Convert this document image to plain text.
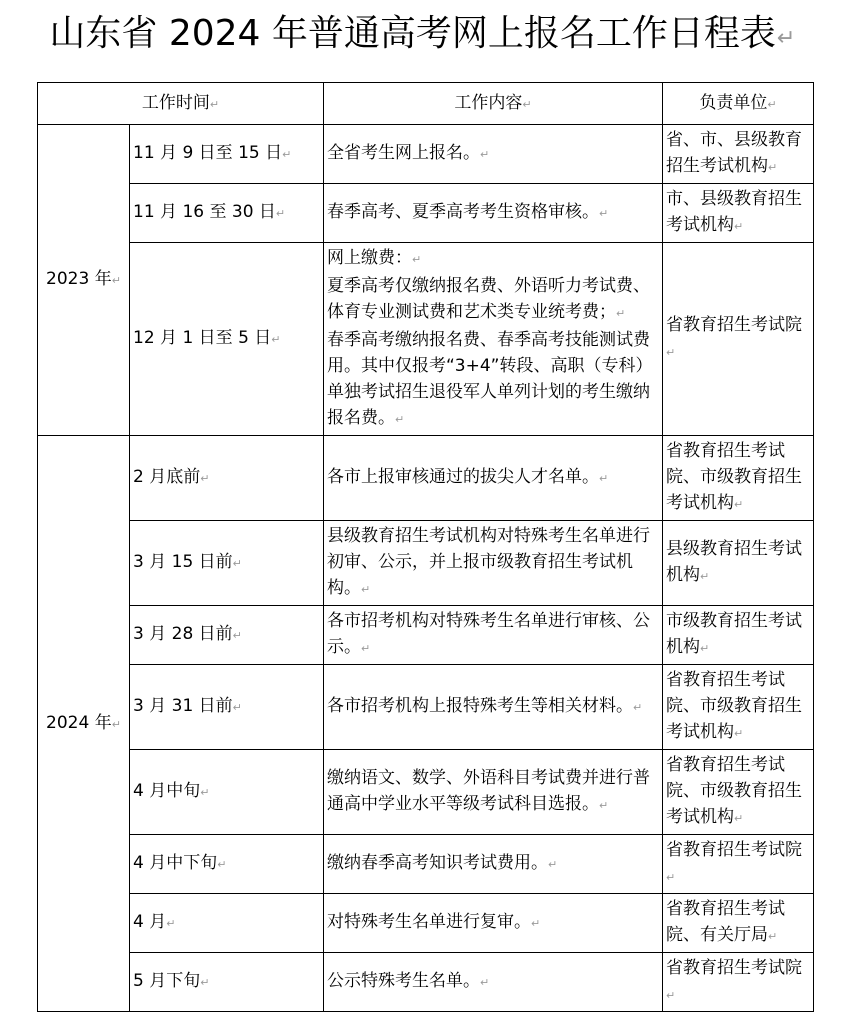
山东省 2024 年普通高考网上报名工作日程表↵
工作时间↵		工作内容↵	负责单位↵
2023 年↵	11 月 9 日至 15 日↵	全省考生网上报名。↵	省、市、县级教育招生考试机构↵
	11 月 16 至 30 日↵	春季高考、夏季高考考生资格审核。↵	市、县级教育招生考试机构↵
	12 月 1 日至 5 日↵	网上缴费：↵
夏季高考仅缴纳报名费、外语听力考试费、体育专业测试费和艺术类专业统考费；↵
春季高考缴纳报名费、春季高考技能测试费用。其中仅报考“3+4”转段、高职（专科）单独考试招生退役军人单列计划的考生缴纳报名费。↵	省教育招生考试院↵
2024 年↵	2 月底前↵	各市上报审核通过的拔尖人才名单。↵	省教育招生考试院、市级教育招生考试机构↵
	3 月 15 日前↵	县级教育招生考试机构对特殊考生名单进行初审、公示，并上报市级教育招生考试机构。↵	县级教育招生考试机构↵
	3 月 28 日前↵	各市招考机构对特殊考生名单进行审核、公示。↵	市级教育招生考试机构↵
	3 月 31 日前↵	各市招考机构上报特殊考生等相关材料。↵	省教育招生考试院、市级教育招生考试机构↵
	4 月中旬↵	缴纳语文、数学、外语科目考试费并进行普通高中学业水平等级考试科目选报。↵	省教育招生考试院、市级教育招生考试机构↵
	4 月中下旬↵	缴纳春季高考知识考试费用。↵	省教育招生考试院↵
	4 月↵	对特殊考生名单进行复审。↵	省教育招生考试院、有关厅局↵
	5 月下旬↵	公示特殊考生名单。↵	省教育招生考试院↵
